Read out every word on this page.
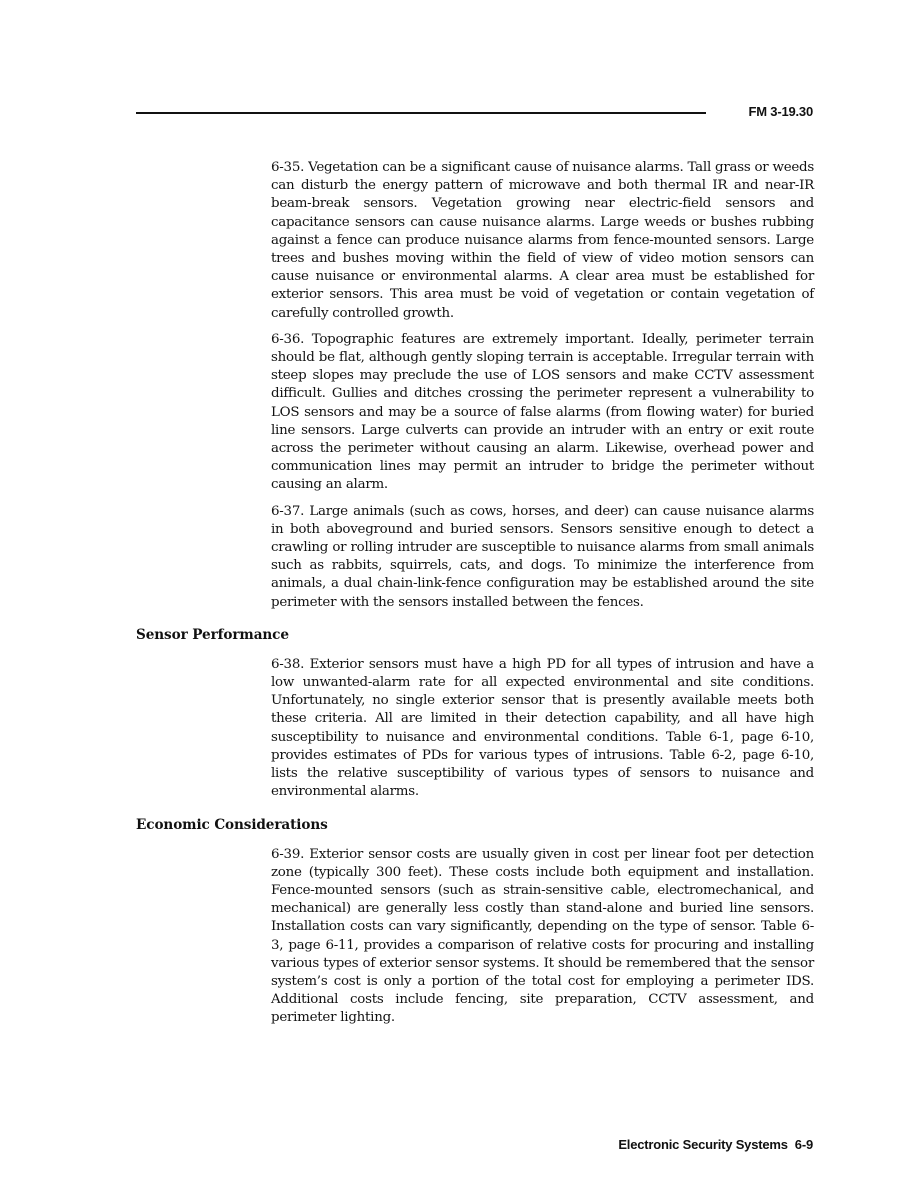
FM 3-19.30

6-35. Vegetation can be a significant cause of nuisance alarms. Tall grass or weeds can disturb the energy pattern of microwave and both thermal IR and near-IR beam-break sensors. Vegetation growing near electric-field sensors and capacitance sensors can cause nuisance alarms. Large weeds or bushes rubbing against a fence can produce nuisance alarms from fence-mounted sensors. Large trees and bushes moving within the field of view of video motion sensors can cause nuisance or environmental alarms. A clear area must be established for exterior sensors. This area must be void of vegetation or contain vegetation of carefully controlled growth.

6-36. Topographic features are extremely important. Ideally, perimeter terrain should be flat, although gently sloping terrain is acceptable. Irregular terrain with steep slopes may preclude the use of LOS sensors and make CCTV assessment difficult. Gullies and ditches crossing the perimeter represent a vulnerability to LOS sensors and may be a source of false alarms (from flowing water) for buried line sensors. Large culverts can provide an intruder with an entry or exit route across the perimeter without causing an alarm. Likewise, overhead power and communication lines may permit an intruder to bridge the perimeter without causing an alarm.

6-37. Large animals (such as cows, horses, and deer) can cause nuisance alarms in both aboveground and buried sensors. Sensors sensitive enough to detect a crawling or rolling intruder are susceptible to nuisance alarms from small animals such as rabbits, squirrels, cats, and dogs. To minimize the interference from animals, a dual chain-link-fence configuration may be established around the site perimeter with the sensors installed between the fences.

Sensor Performance

6-38. Exterior sensors must have a high PD for all types of intrusion and have a low unwanted-alarm rate for all expected environmental and site conditions. Unfortunately, no single exterior sensor that is presently available meets both these criteria. All are limited in their detection capability, and all have high susceptibility to nuisance and environmental conditions. Table 6-1, page 6-10, provides estimates of PDs for various types of intrusions. Table 6-2, page 6-10, lists the relative susceptibility of various types of sensors to nuisance and environmental alarms.

Economic Considerations

6-39. Exterior sensor costs are usually given in cost per linear foot per detection zone (typically 300 feet). These costs include both equipment and installation. Fence-mounted sensors (such as strain-sensitive cable, electromechanical, and mechanical) are generally less costly than stand-alone and buried line sensors. Installation costs can vary significantly, depending on the type of sensor. Table 6-3, page 6-11, provides a comparison of relative costs for procuring and installing various types of exterior sensor systems. It should be remembered that the sensor system’s cost is only a portion of the total cost for employing a perimeter IDS. Additional costs include fencing, site preparation, CCTV assessment, and perimeter lighting.

Electronic Security Systems 6-9
